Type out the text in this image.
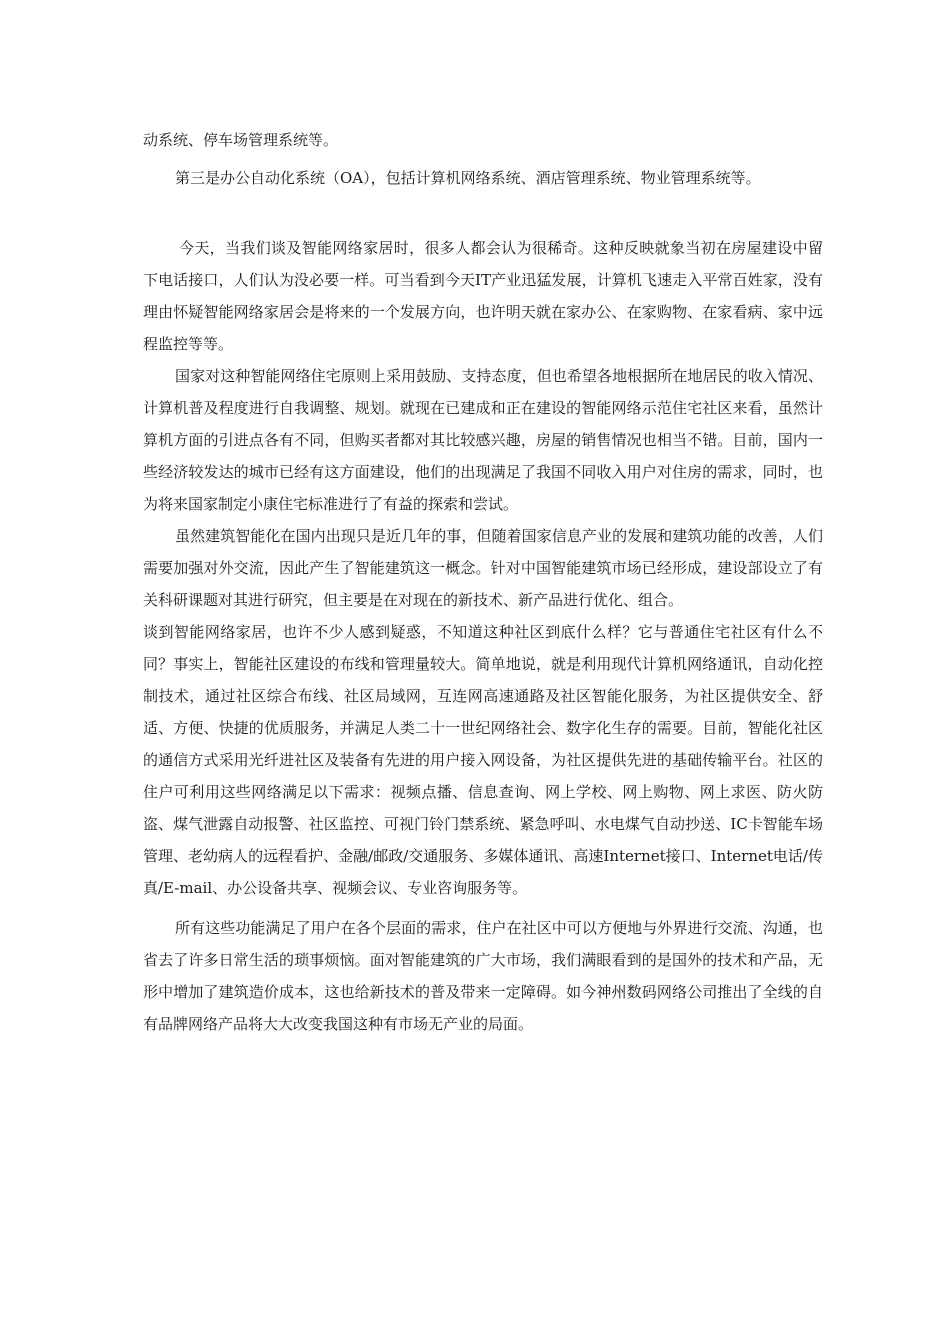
动系统、停车场管理系统等。

第三是办公自动化系统（OA），包括计算机网络系统、酒店管理系统、物业管理系统等。

今天，当我们谈及智能网络家居时，很多人都会认为很稀奇。这种反映就象当初在房屋建设中留下电话接口，人们认为没必要一样。可当看到今天IT产业迅猛发展，计算机飞速走入平常百姓家，没有理由怀疑智能网络家居会是将来的一个发展方向，也许明天就在家办公、在家购物、在家看病、家中远程监控等等。

国家对这种智能网络住宅原则上采用鼓励、支持态度，但也希望各地根据所在地居民的收入情况、计算机普及程度进行自我调整、规划。就现在已建成和正在建设的智能网络示范住宅社区来看，虽然计算机方面的引进点各有不同，但购买者都对其比较感兴趣，房屋的销售情况也相当不错。目前，国内一些经济较发达的城市已经有这方面建设，他们的出现满足了我国不同收入用户对住房的需求，同时，也为将来国家制定小康住宅标准进行了有益的探索和尝试。

虽然建筑智能化在国内出现只是近几年的事，但随着国家信息产业的发展和建筑功能的改善，人们需要加强对外交流，因此产生了智能建筑这一概念。针对中国智能建筑市场已经形成，建设部设立了有关科研课题对其进行研究，但主要是在对现在的新技术、新产品进行优化、组合。

谈到智能网络家居，也许不少人感到疑惑，不知道这种社区到底什么样？它与普通住宅社区有什么不同？事实上，智能社区建设的布线和管理量较大。简单地说，就是利用现代计算机网络通讯，自动化控制技术，通过社区综合布线、社区局域网，互连网高速通路及社区智能化服务，为社区提供安全、舒适、方便、快捷的优质服务，并满足人类二十一世纪网络社会、数字化生存的需要。目前，智能化社区的通信方式采用光纤进社区及装备有先进的用户接入网设备，为社区提供先进的基础传输平台。社区的住户可利用这些网络满足以下需求：视频点播、信息查询、网上学校、网上购物、网上求医、防火防盗、煤气泄露自动报警、社区监控、可视门铃门禁系统、紧急呼叫、水电煤气自动抄送、IC卡智能车场管理、老幼病人的远程看护、金融/邮政/交通服务、多媒体通讯、高速Internet接口、Internet电话/传真/E-mail、办公设备共享、视频会议、专业咨询服务等。

所有这些功能满足了用户在各个层面的需求，住户在社区中可以方便地与外界进行交流、沟通，也省去了许多日常生活的琐事烦恼。面对智能建筑的广大市场，我们满眼看到的是国外的技术和产品，无形中增加了建筑造价成本，这也给新技术的普及带来一定障碍。如今神州数码网络公司推出了全线的自有品牌网络产品将大大改变我国这种有市场无产业的局面。
